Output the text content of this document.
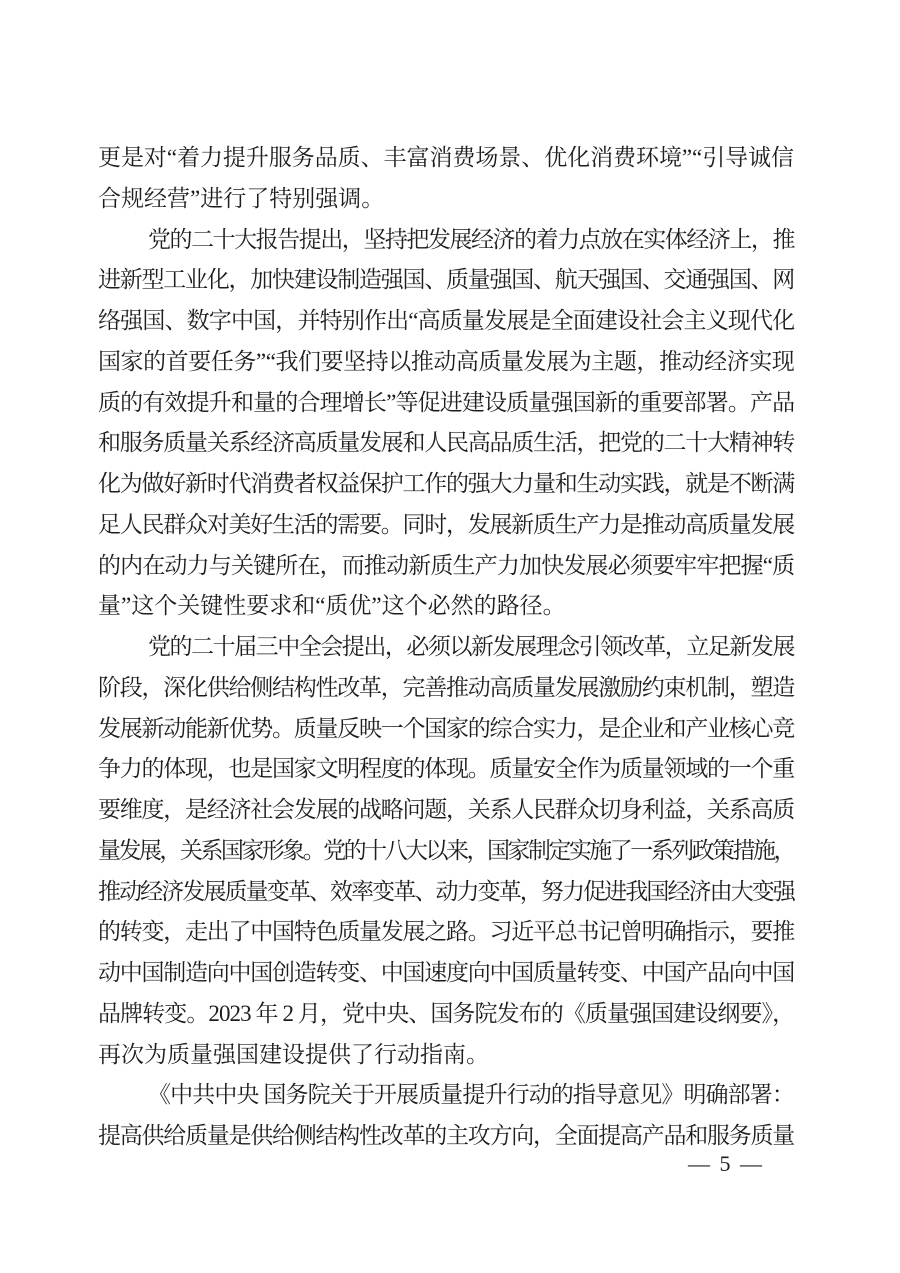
更是对“着力提升服务品质、丰富消费场景、优化消费环境”“引导诚信
合规经营”进行了特别强调。
党的二十大报告提出，坚持把发展经济的着力点放在实体经济上，推
进新型工业化，加快建设制造强国、质量强国、航天强国、交通强国、网
络强国、数字中国，并特别作出“高质量发展是全面建设社会主义现代化
国家的首要任务”“我们要坚持以推动高质量发展为主题，推动经济实现
质的有效提升和量的合理增长”等促进建设质量强国新的重要部署。产品
和服务质量关系经济高质量发展和人民高品质生活，把党的二十大精神转
化为做好新时代消费者权益保护工作的强大力量和生动实践，就是不断满
足人民群众对美好生活的需要。同时，发展新质生产力是推动高质量发展
的内在动力与关键所在，而推动新质生产力加快发展必须要牢牢把握“质
量”这个关键性要求和“质优”这个必然的路径。
党的二十届三中全会提出，必须以新发展理念引领改革，立足新发展
阶段，深化供给侧结构性改革，完善推动高质量发展激励约束机制，塑造
发展新动能新优势。质量反映一个国家的综合实力，是企业和产业核心竞
争力的体现，也是国家文明程度的体现。质量安全作为质量领域的一个重
要维度，是经济社会发展的战略问题，关系人民群众切身利益，关系高质
量发展，关系国家形象。党的十八大以来，国家制定实施了一系列政策措施，
推动经济发展质量变革、效率变革、动力变革，努力促进我国经济由大变强
的转变，走出了中国特色质量发展之路。习近平总书记曾明确指示，要推
动中国制造向中国创造转变、中国速度向中国质量转变、中国产品向中国
品牌转变。2023 年 2 月，党中央、国务院发布的《质量强国建设纲要》，
再次为质量强国建设提供了行动指南。
《中共中央 国务院关于开展质量提升行动的指导意见》明确部署：
提高供给质量是供给侧结构性改革的主攻方向，全面提高产品和服务质量
— 5 —
